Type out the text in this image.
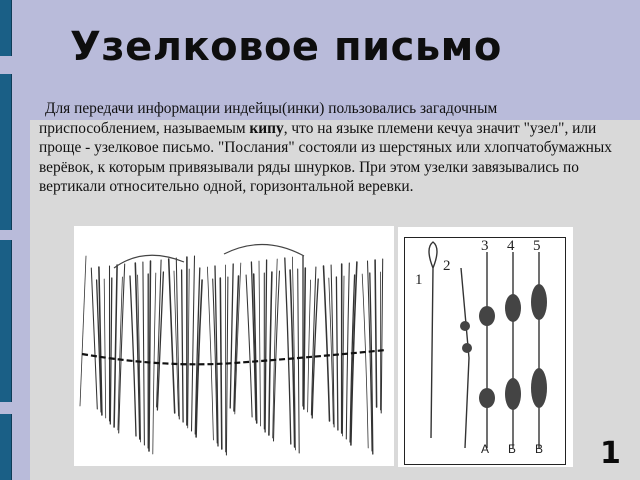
Узелковое письмо

Для передачи информации индейцы(инки) пользовались загадочным приспособлением, называемым кипу, что на языке племени кечуа значит "узел", или проще - узелковое письмо. "Послания" состояли из шерстяных или хлопчатобумажных верёвок, к которым привязывали ряды шнурков. При этом узелки завязывались по вертикали относительно одной, горизонтальной веревки.

1
2
3 4 5
А Б В 1
